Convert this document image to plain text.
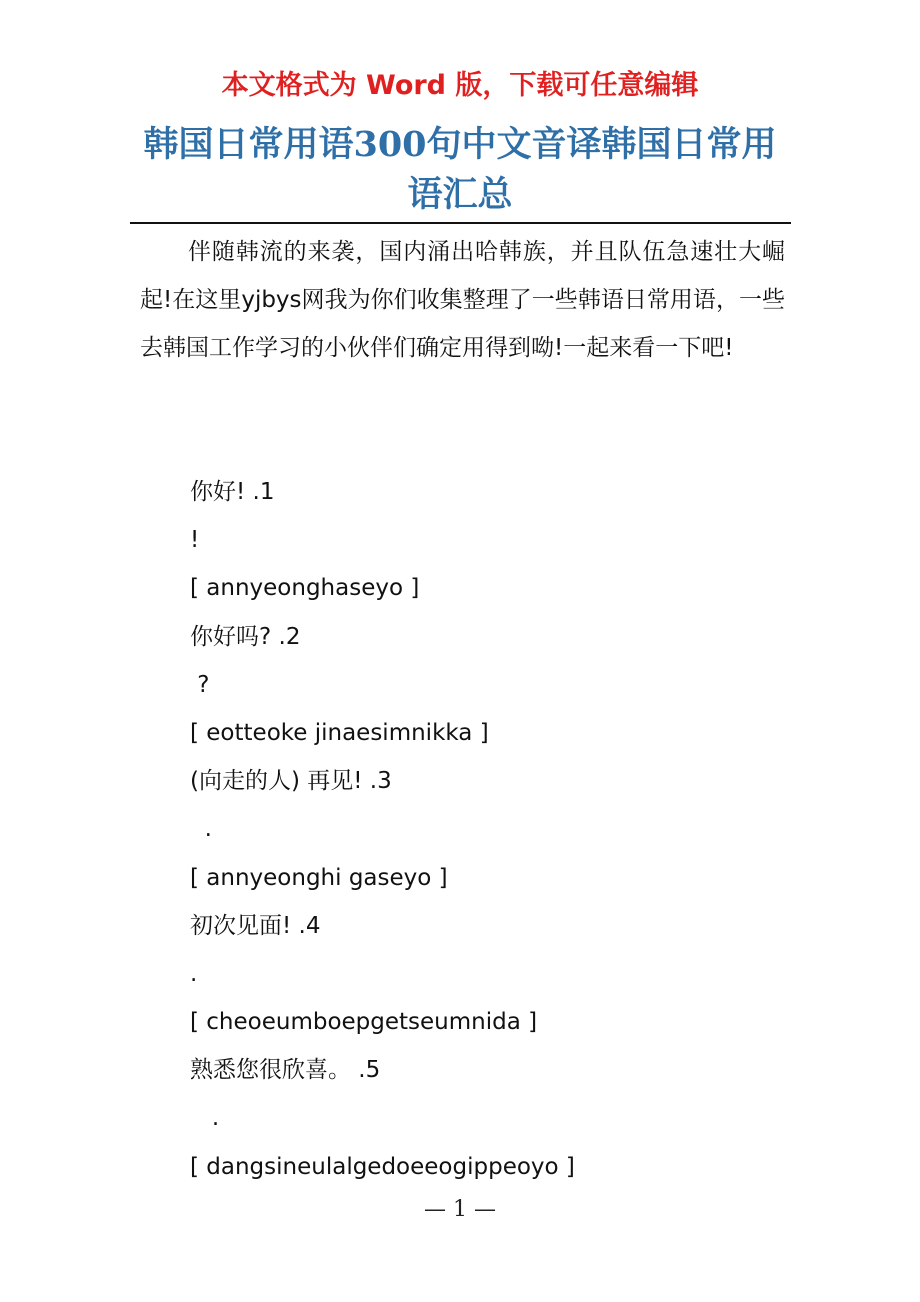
本文格式为 Word 版，下载可任意编辑
韩国日常用语300句中文音译韩国日常用语汇总
伴随韩流的来袭，国内涌出哈韩族，并且队伍急速壮大崛起!在这里yjbys网我为你们收集整理了一些韩语日常用语，一些去韩国工作学习的小伙伴们确定用得到呦!一起来看一下吧!
你好! .1
!
[ annyeonghaseyo ]
你好吗? .2
?
[ eotteoke jinaesimnikka ]
(向走的人) 再见! .3
.
[ annyeonghi gaseyo ]
初次见面! .4
.
[ cheoeumboepgetseumnida ]
熟悉您很欣喜。 .5
.
[ dangsineulalgedoeeogippeoyo ]
— 1 —
